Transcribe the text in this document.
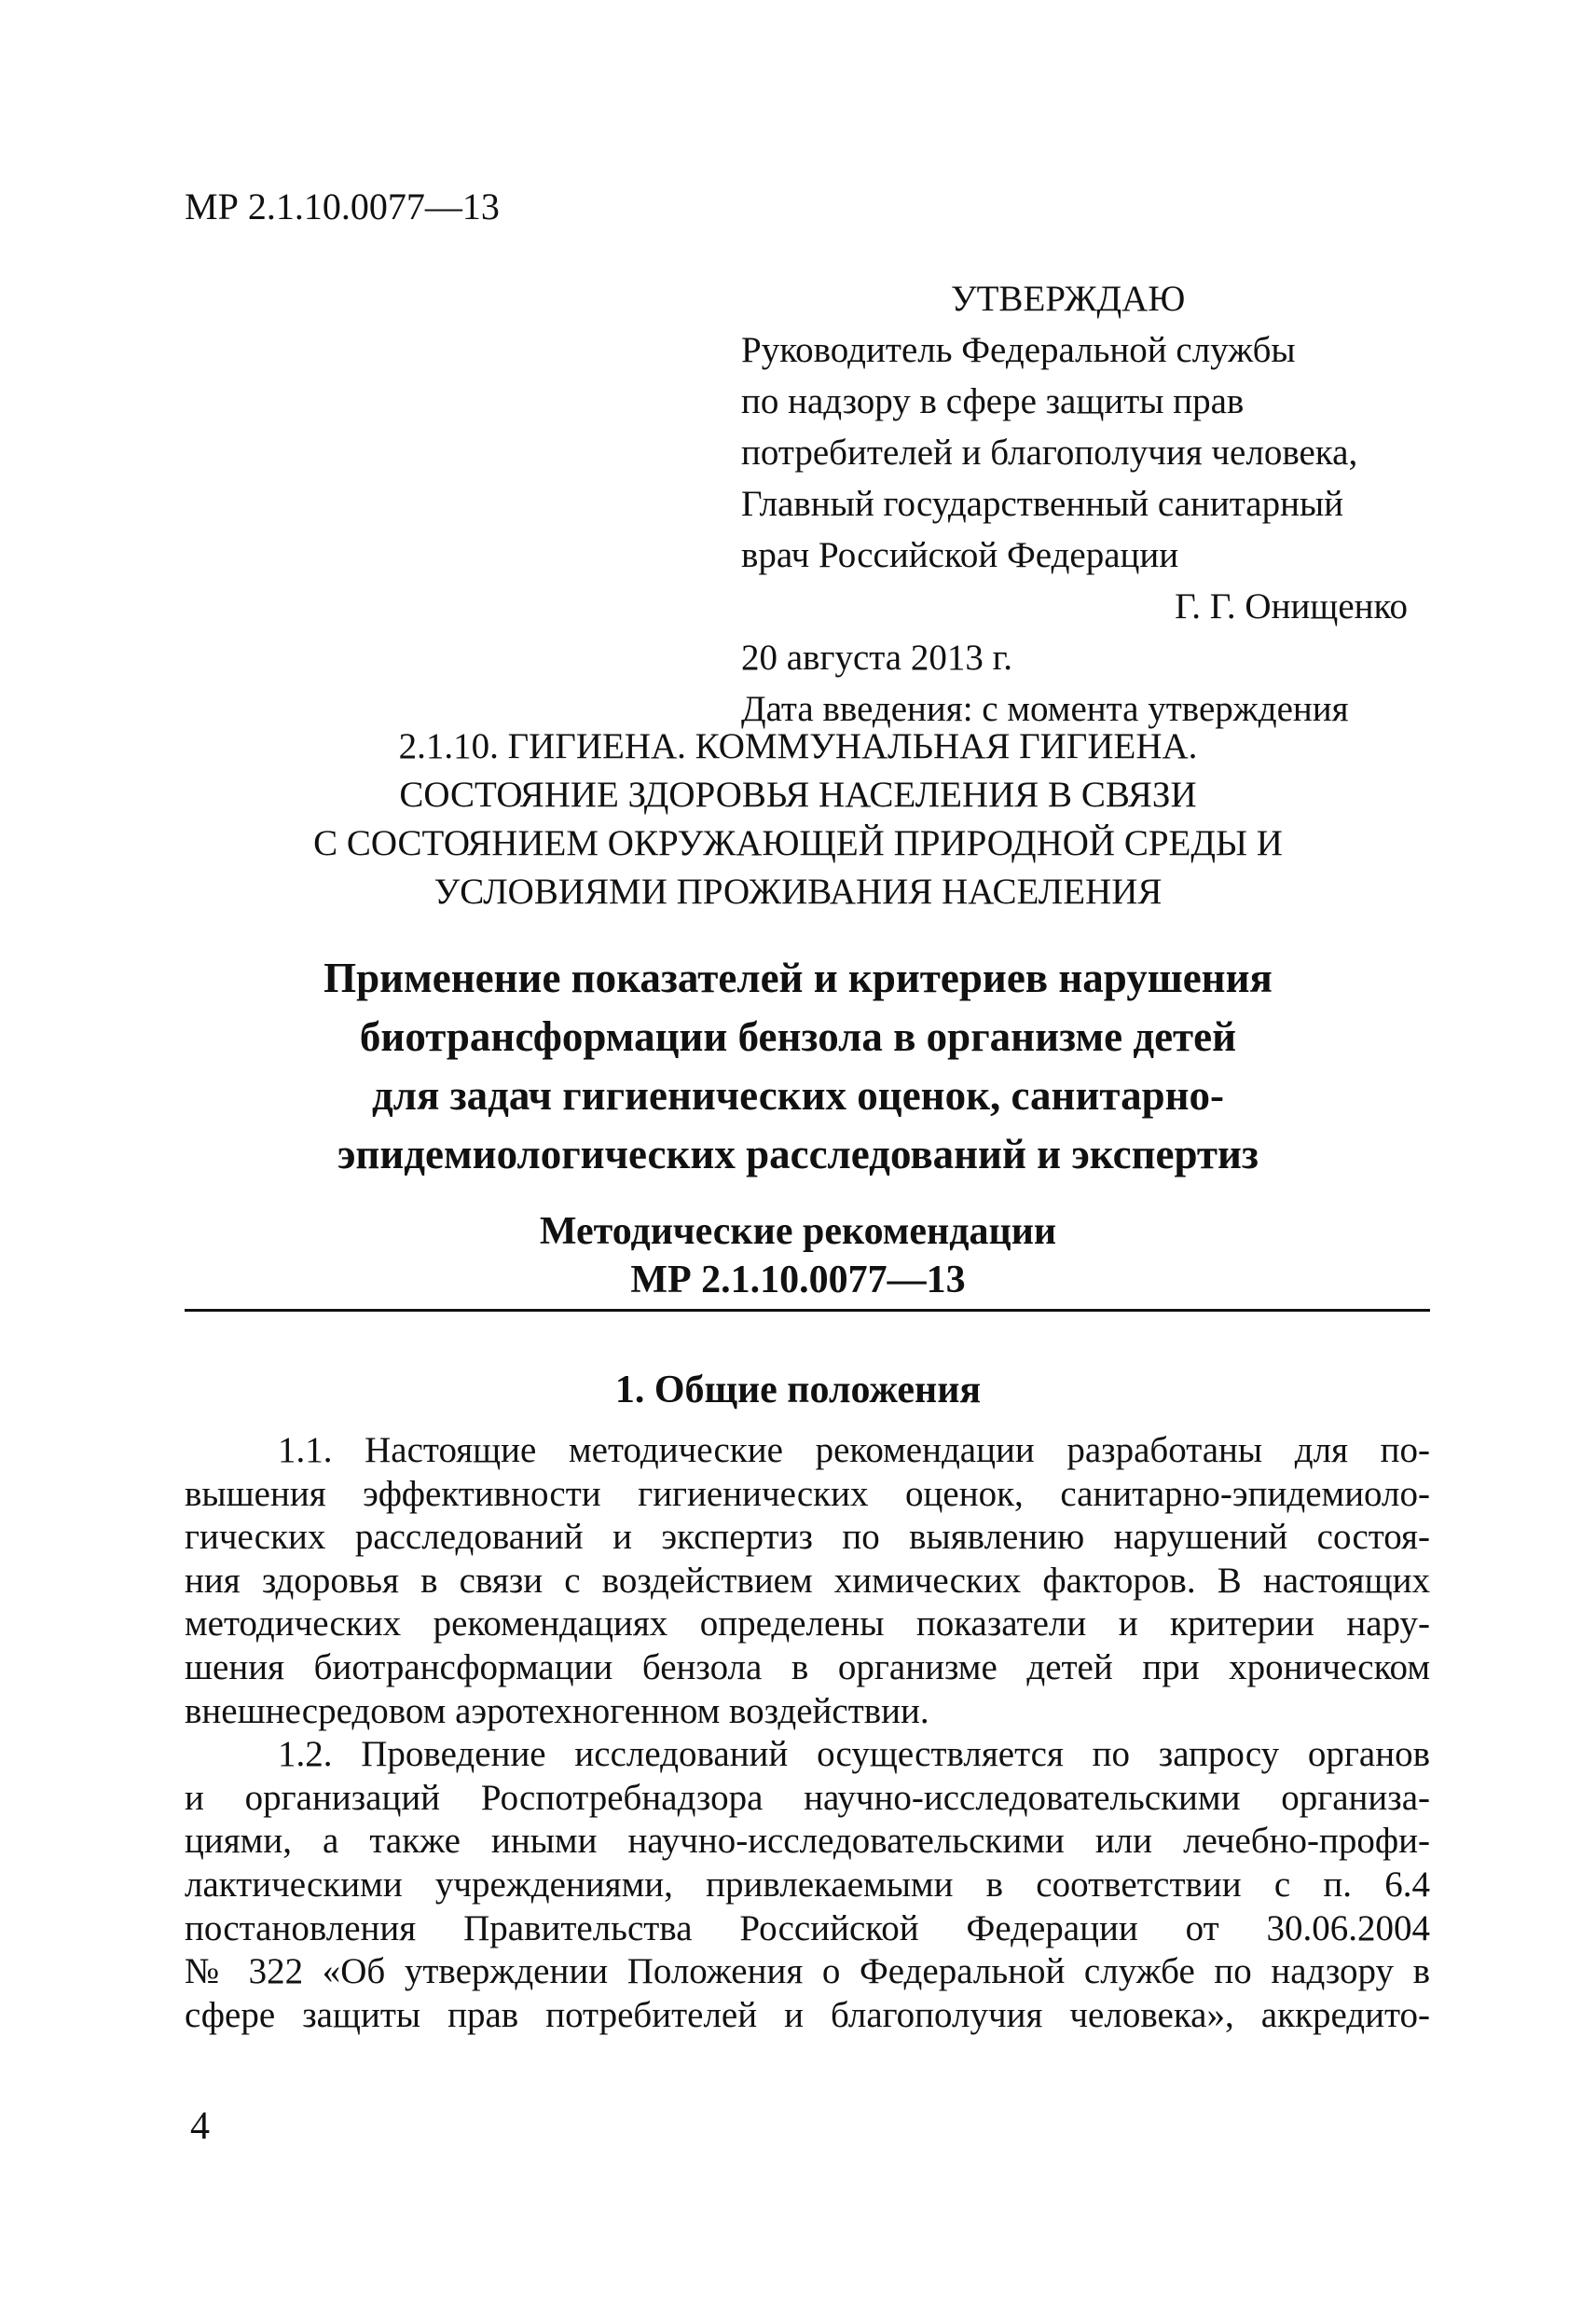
МР 2.1.10.0077—13
УТВЕРЖДАЮ
Руководитель Федеральной службы
по надзору в сфере защиты прав
потребителей и благополучия человека,
Главный государственный санитарный
врач Российской Федерации
Г. Г. Онищенко
20 августа 2013 г.
Дата введения: с момента утверждения
2.1.10. ГИГИЕНА. КОММУНАЛЬНАЯ ГИГИЕНА.
СОСТОЯНИЕ ЗДОРОВЬЯ НАСЕЛЕНИЯ В СВЯЗИ
С СОСТОЯНИЕМ ОКРУЖАЮЩЕЙ ПРИРОДНОЙ СРЕДЫ И
УСЛОВИЯМИ ПРОЖИВАНИЯ НАСЕЛЕНИЯ
Применение показателей и критериев нарушения
биотрансформации бензола в организме детей
для задач гигиенических оценок, санитарно-
эпидемиологических расследований и экспертиз
Методические рекомендации
МР 2.1.10.0077—13
1. Общие положения
1.1. Настоящие методические рекомендации разработаны для по-
вышения эффективности гигиенических оценок, санитарно-эпидемиоло-
гических расследований и экспертиз по выявлению нарушений состоя-
ния здоровья в связи с воздействием химических факторов. В настоящих
методических рекомендациях определены показатели и критерии нару-
шения биотрансформации бензола в организме детей при хроническом
внешнесредовом аэротехногенном воздействии.
1.2. Проведение исследований осуществляется по запросу органов
и организаций Роспотребнадзора научно-исследовательскими организа-
циями, а также иными научно-исследовательскими или лечебно-профи-
лактическими учреждениями, привлекаемыми в соответствии с п. 6.4
постановления Правительства Российской Федерации от 30.06.2004
№ 322 «Об утверждении Положения о Федеральной службе по надзору в
сфере защиты прав потребителей и благополучия человека», аккредито-
4
